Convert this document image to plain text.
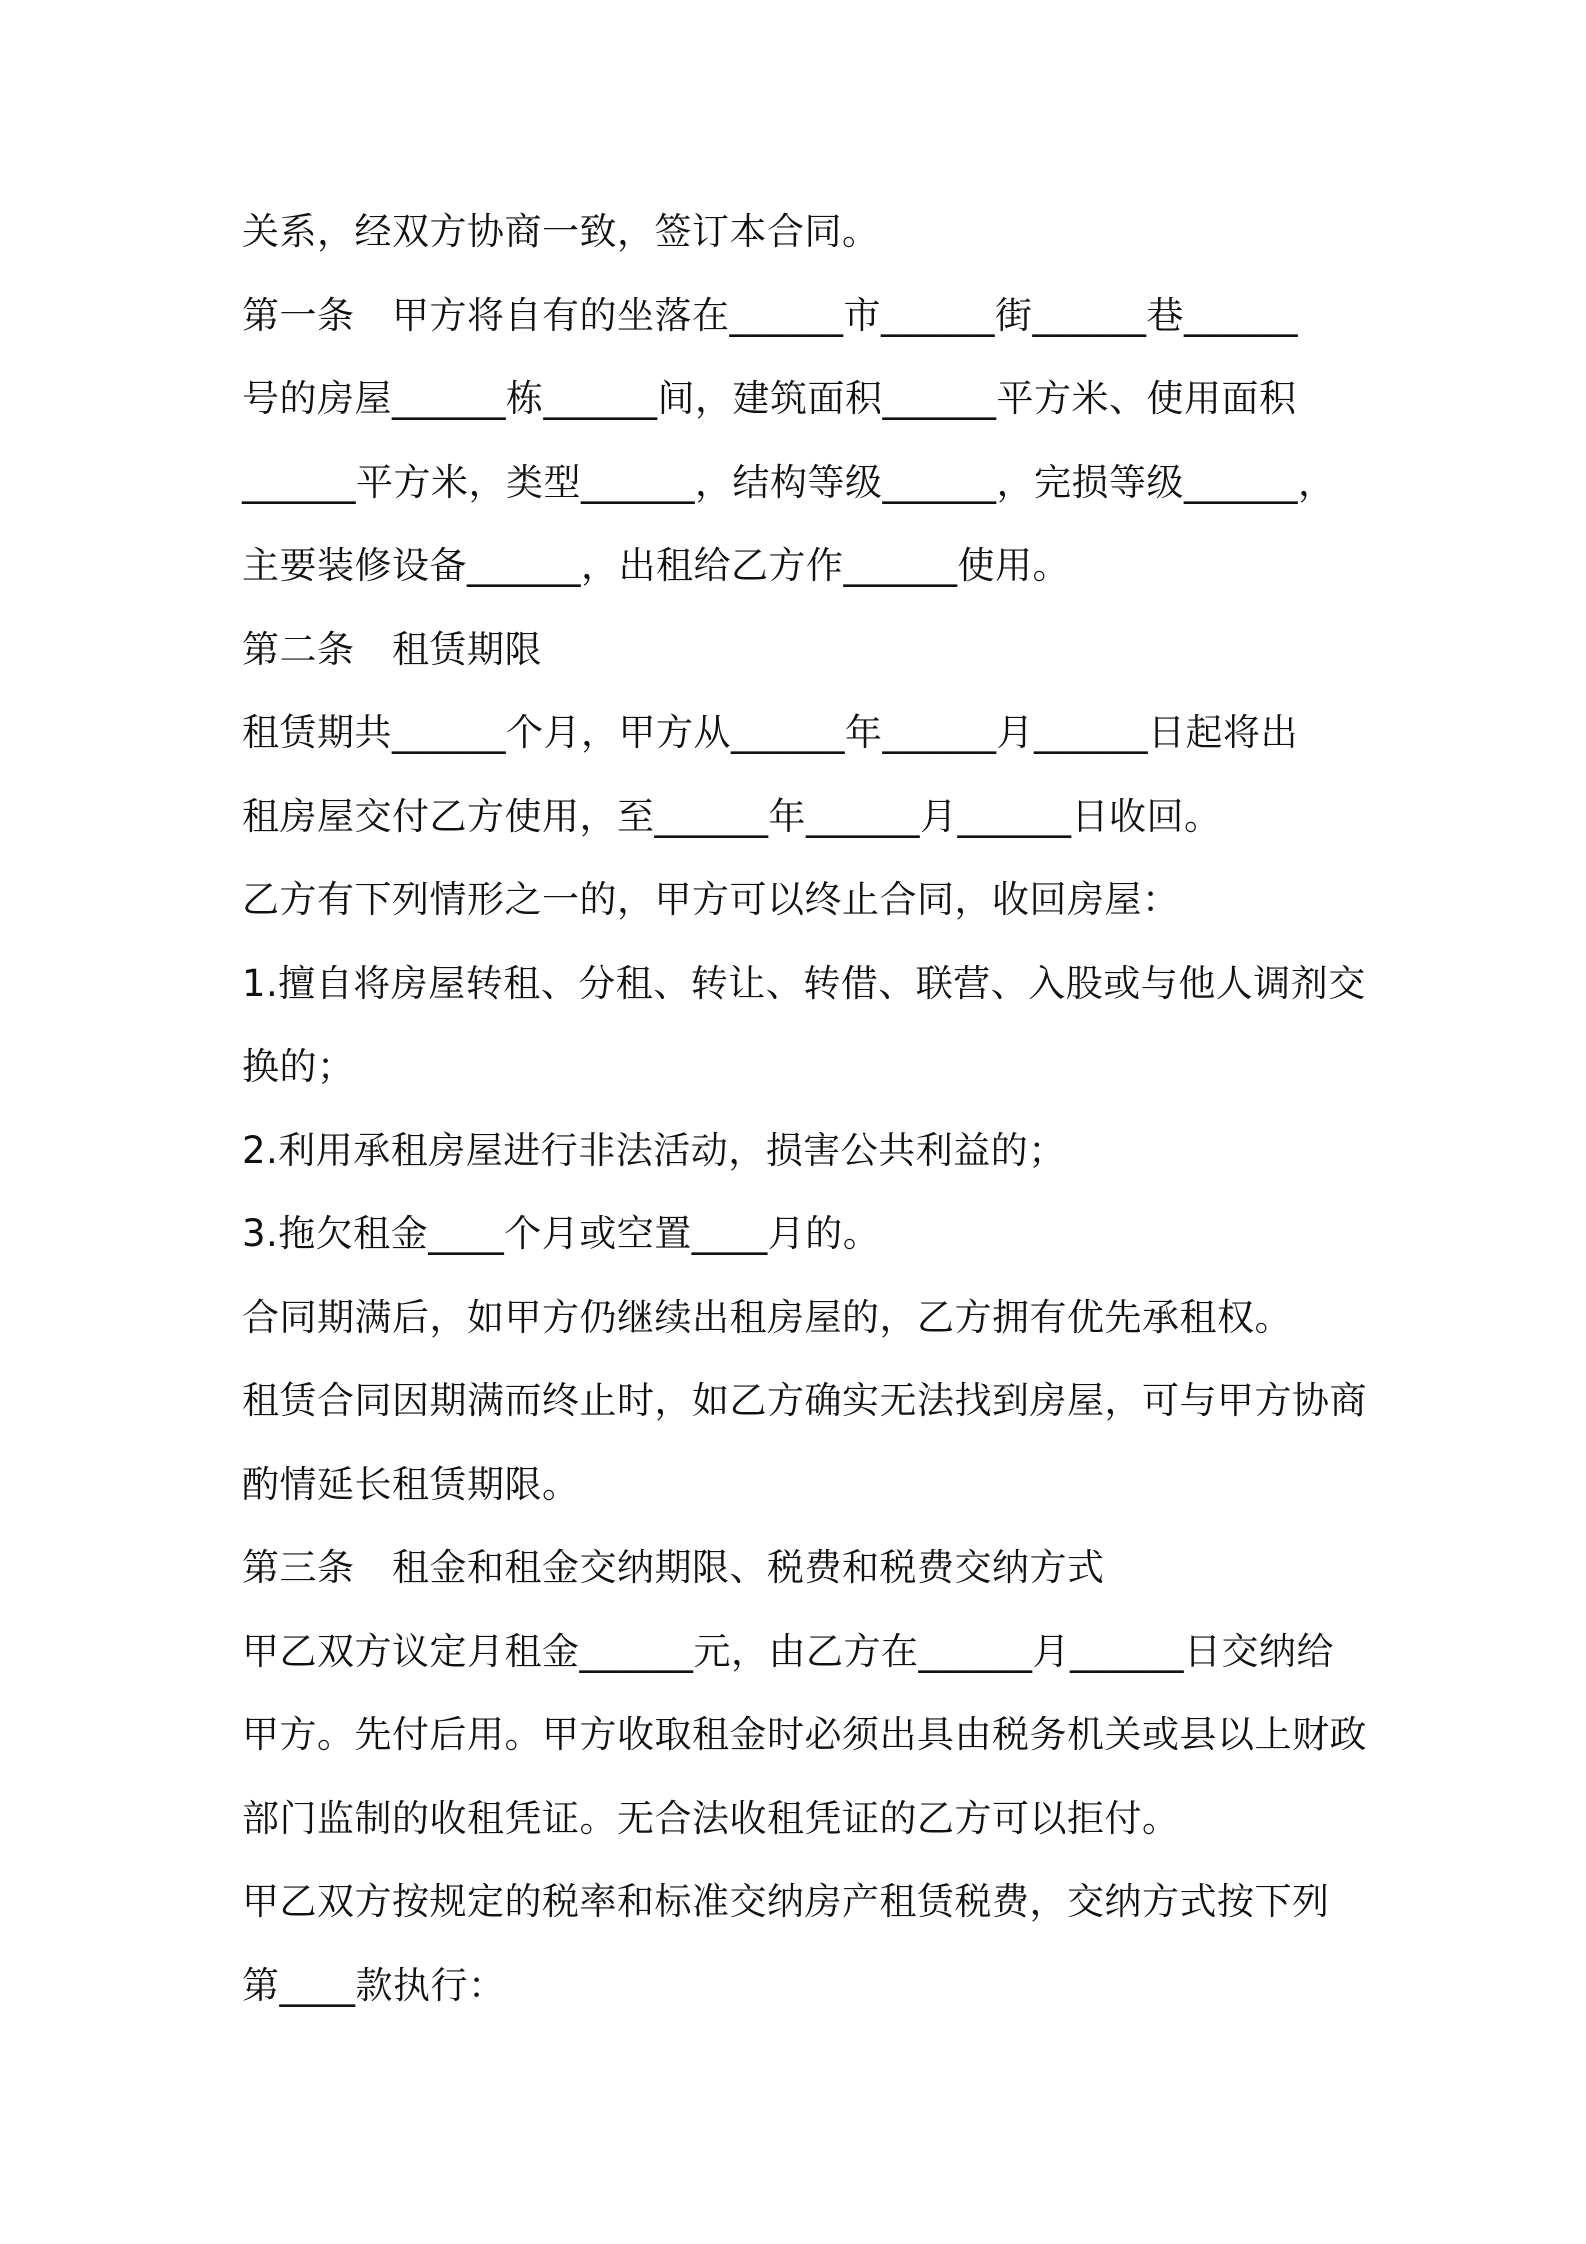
关系，经双方协商一致，签订本合同。
第一条　甲方将自有的坐落在______市______街______巷______
号的房屋______栋______间，建筑面积______平方米、使用面积
______平方米，类型______，结构等级______，完损等级______，
主要装修设备______，出租给乙方作______使用。
第二条　租赁期限
租赁期共______个月，甲方从______年______月______日起将出
租房屋交付乙方使用，至______年______月______日收回。
乙方有下列情形之一的，甲方可以终止合同，收回房屋：
1.擅自将房屋转租、分租、转让、转借、联营、入股或与他人调剂交
换的；
2.利用承租房屋进行非法活动，损害公共利益的；
3.拖欠租金____个月或空置____月的。
合同期满后，如甲方仍继续出租房屋的，乙方拥有优先承租权。
租赁合同因期满而终止时，如乙方确实无法找到房屋，可与甲方协商
酌情延长租赁期限。
第三条　租金和租金交纳期限、税费和税费交纳方式
甲乙双方议定月租金______元，由乙方在______月______日交纳给
甲方。先付后用。甲方收取租金时必须出具由税务机关或县以上财政
部门监制的收租凭证。无合法收租凭证的乙方可以拒付。
甲乙双方按规定的税率和标准交纳房产租赁税费，交纳方式按下列
第____款执行：
